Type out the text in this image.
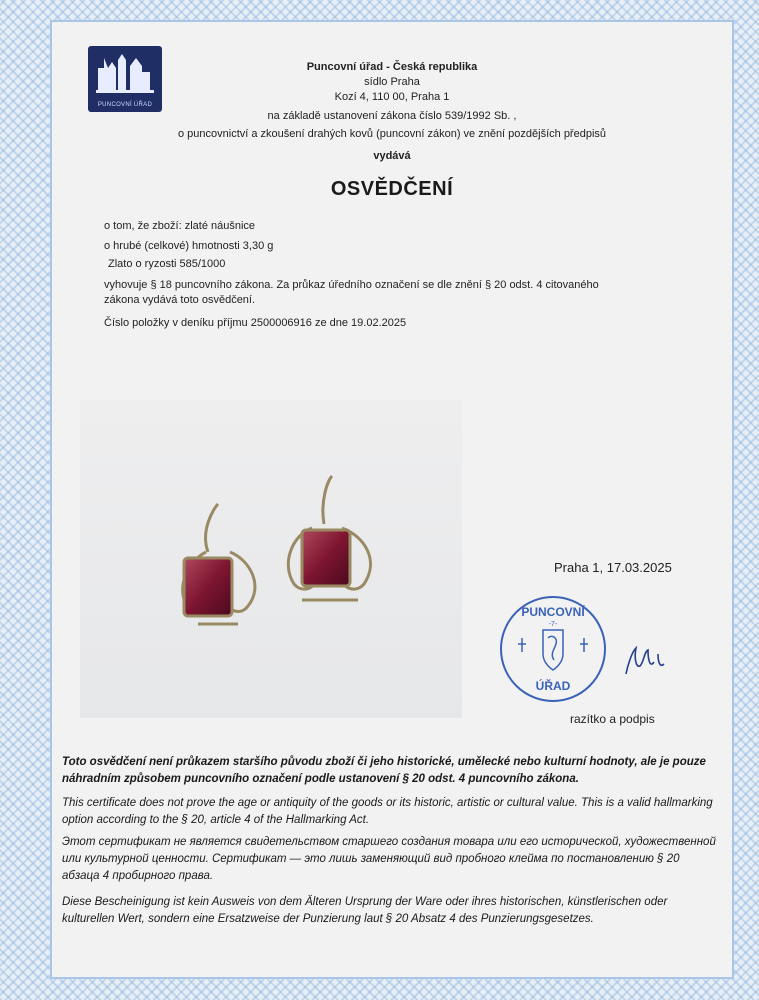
PUNCOVNÍ ÚŘAD
Puncovní úřad - Česká republika
sídlo Praha
Kozí 4, 110 00, Praha 1
na základě ustanovení zákona číslo 539/1992 Sb. ,
o puncovnictví a zkoušení drahých kovů (puncovní zákon) ve znění pozdějších předpisů
vydává
OSVĚDČENÍ
o tom, že zboží: zlaté náušnice
o hrubé (celkové) hmotnosti 3,30 g
Zlato o ryzosti 585/1000
vyhovuje § 18 puncovního zákona. Za průkaz úředního označení se dle znění § 20 odst. 4 citovaného zákona vydává toto osvědčení.
Číslo položky v deníku příjmu 2500006916 ze dne 19.02.2025
Praha 1, 17.03.2025
PUNCOVNÍ
-7-
ÚŘAD
razítko a podpis
Toto osvědčení není průkazem staršího původu zboží či jeho historické, umělecké nebo kulturní hodnoty, ale je pouze náhradním způsobem puncovního označení podle ustanovení § 20 odst. 4 puncovního zákona.
This certificate does not prove the age or antiquity of the goods or its historic, artistic or cultural value. This is a valid hallmarking option according to the § 20, article 4 of the Hallmarking Act.
Этот сертификат не является свидетельством старшего создания товара или его исторической, художественной или культурной ценности. Сертификат — это лишь заменяющий вид пробного клейма по постановлению § 20 абзаца 4 пробирного права.
Diese Bescheinigung ist kein Ausweis von dem Älteren Ursprung der Ware oder ihres historischen, künstlerischen oder kulturellen Wert, sondern eine Ersatzweise der Punzierung laut § 20 Absatz 4 des Punzierungsgesetzes.
